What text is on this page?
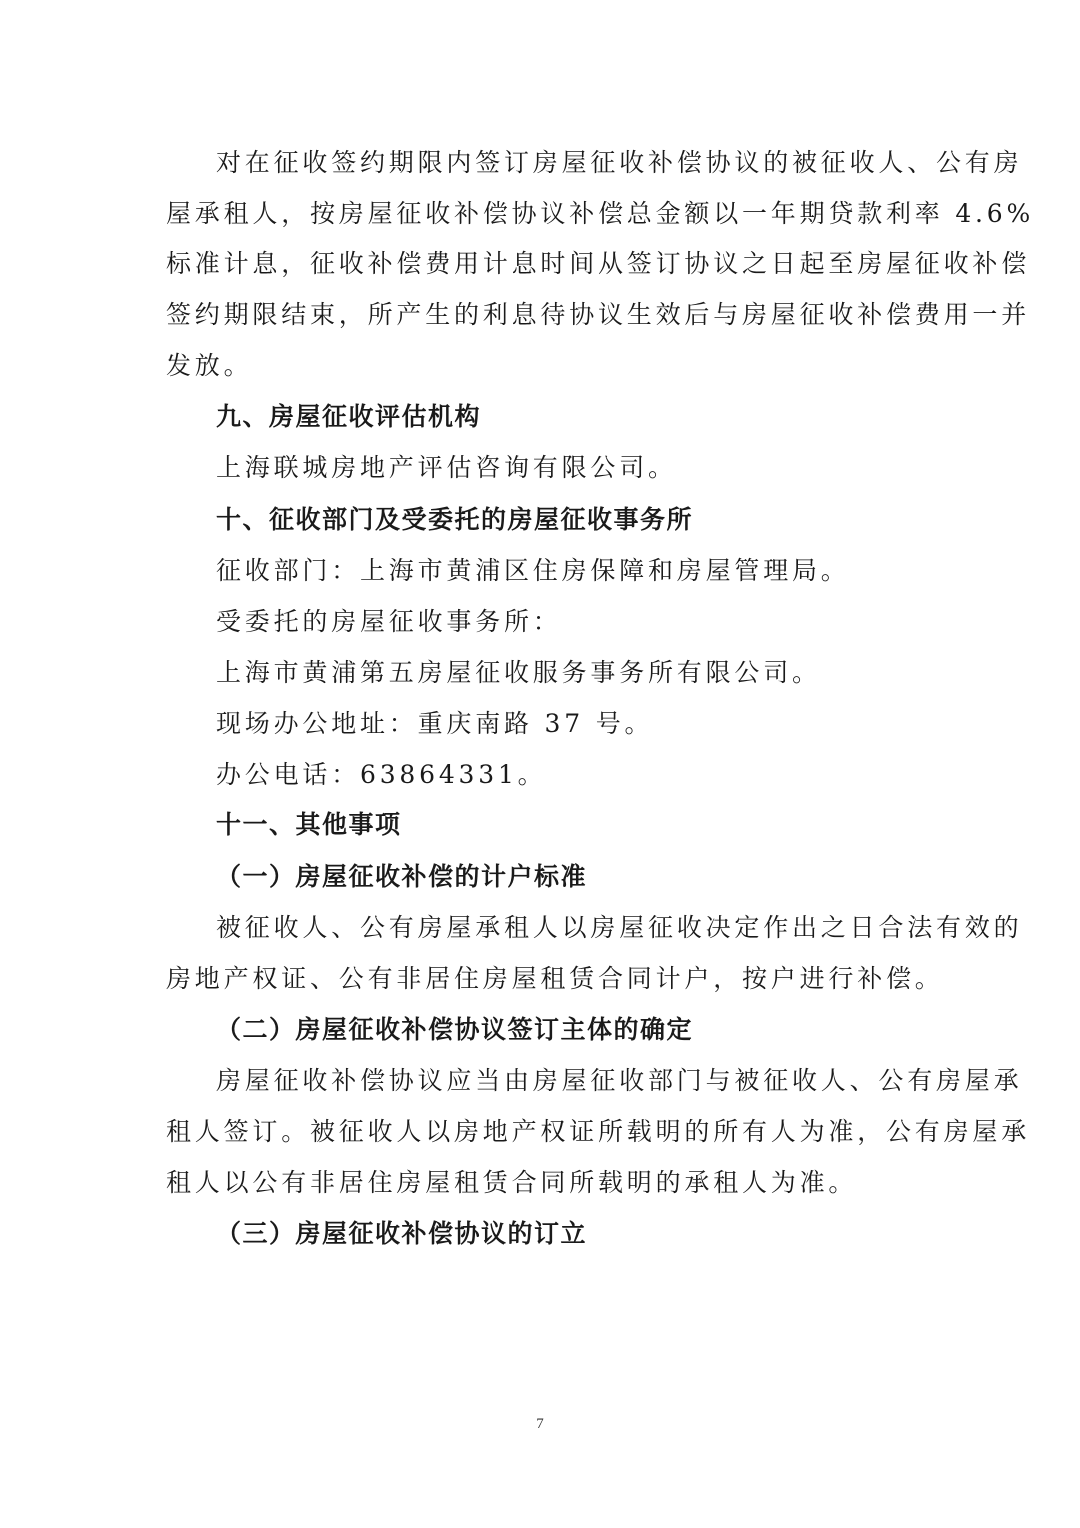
对在征收签约期限内签订房屋征收补偿协议的被征收人、公有房
屋承租人，按房屋征收补偿协议补偿总金额以一年期贷款利率 4.6%
标准计息，征收补偿费用计息时间从签订协议之日起至房屋征收补偿
签约期限结束，所产生的利息待协议生效后与房屋征收补偿费用一并
发放。
九、房屋征收评估机构
上海联城房地产评估咨询有限公司。
十、征收部门及受委托的房屋征收事务所
征收部门：上海市黄浦区住房保障和房屋管理局。
受委托的房屋征收事务所：
上海市黄浦第五房屋征收服务事务所有限公司。
现场办公地址：重庆南路 37 号。
办公电话：63864331。
十一、其他事项
（一）房屋征收补偿的计户标准
被征收人、公有房屋承租人以房屋征收决定作出之日合法有效的
房地产权证、公有非居住房屋租赁合同计户，按户进行补偿。
（二）房屋征收补偿协议签订主体的确定
房屋征收补偿协议应当由房屋征收部门与被征收人、公有房屋承
租人签订。被征收人以房地产权证所载明的所有人为准，公有房屋承
租人以公有非居住房屋租赁合同所载明的承租人为准。
（三）房屋征收补偿协议的订立
7
